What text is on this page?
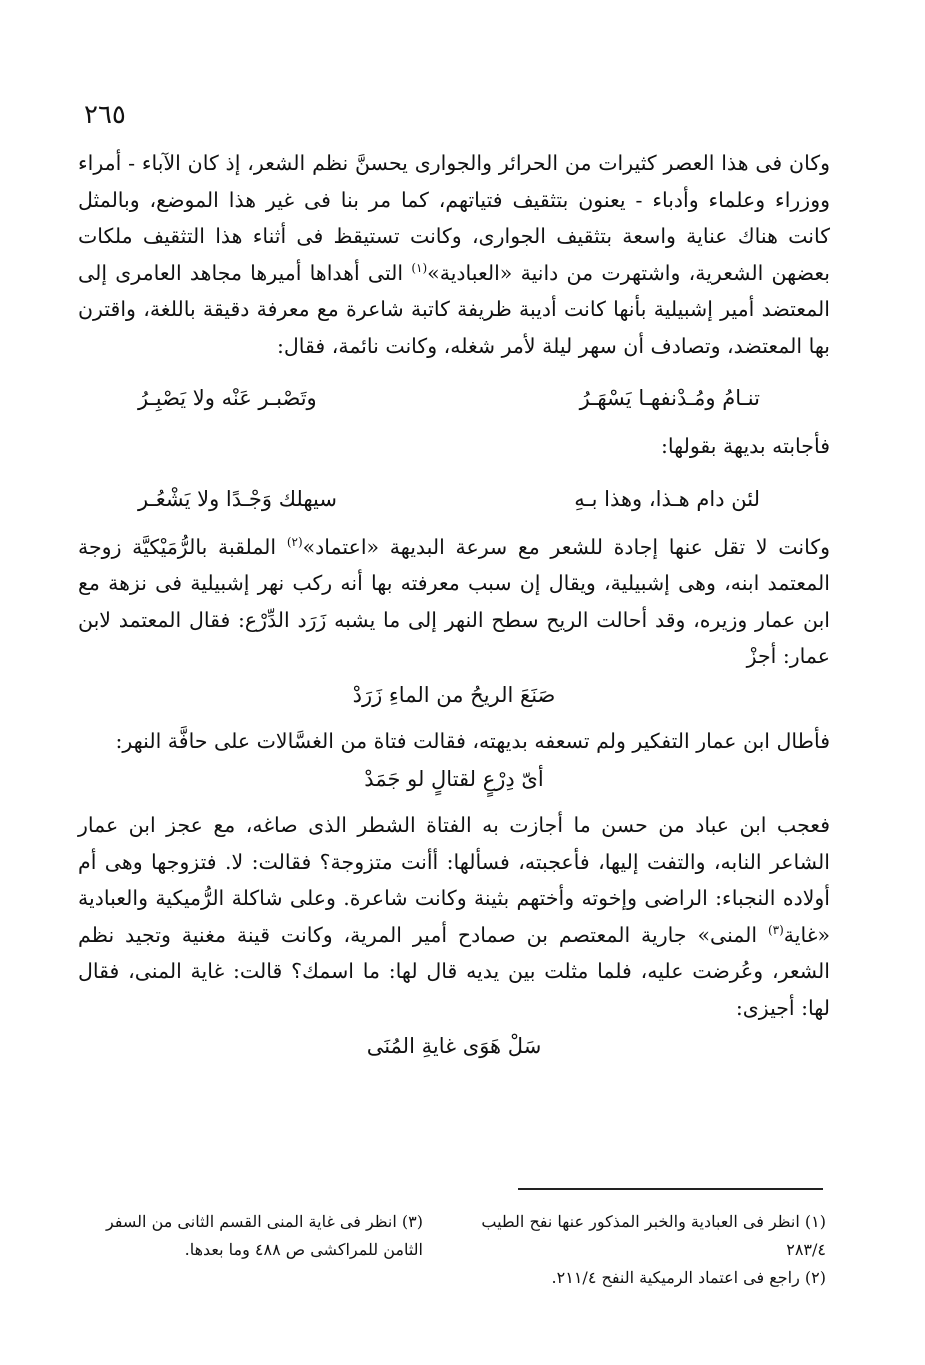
٢٦٥

وكان فى هذا العصر كثيرات من الحرائر والجوارى يحسنَّ نظم الشعر، إذ كان الآباء - أمراء ووزراء وعلماء وأدباء - يعنون بتثقيف فتياتهم، كما مر بنا فى غير هذا الموضع، وبالمثل كانت هناك عناية واسعة بتثقيف الجوارى، وكانت تستيقظ فى أثناء هذا التثقيف ملكات بعضهن الشعرية، واشتهرت من دانية «العبادية»$^{(١)}$ التى أهداها أميرها مجاهد العامرى إلى المعتضد أمير إشبيلية بأنها كانت أديبة ظريفة كاتبة شاعرة مع معرفة دقيقة باللغة، واقترن بها المعتضد، وتصادف أن سهر ليلة لأمر شغله، وكانت نائمة، فقال:

تنـامُ ومُـدْنفهـا يَسْهَـرُ
وتَصْبـر عَنْه ولا يَصْبِـرُ

فأجابته بديهة بقولها:

لئن دام هـذا، وهذا بـهِ
سيهلك وَجْـدًا ولا يَشْعُـر

وكانت لا تقل عنها إجادة للشعر مع سرعة البديهة «اعتماد»$^{(٢)}$ الملقبة بالرُّمَيْكيَّة زوجة المعتمد ابنه، وهى إشبيلية، ويقال إن سبب معرفته بها أنه ركب نهر إشبيلية فى نزهة مع ابن عمار وزيره، وقد أحالت الريح سطح النهر إلى ما يشبه زَرَد الدِّرْع: فقال المعتمد لابن عمار: أجزْ

صَنَعَ الريحُ من الماءِ زَرَدْ

فأطال ابن عمار التفكير ولم تسعفه بديهته، فقالت فتاة من الغسَّالات على حافَّة النهر:

أىّ دِرْعٍ لقتالٍ لو جَمَدْ

فعجب ابن عباد من حسن ما أجازت به الفتاة الشطر الذى صاغه، مع عجز ابن عمار الشاعر النابه، والتفت إليها، فأعجبته، فسألها: أأنت متزوجة؟ فقالت: لا. فتزوجها وهى أم أولاده النجباء: الراضى وإخوته وأختهم بثينة وكانت شاعرة. وعلى شاكلة الرُّميكية والعبادية «غاية$^{(٣)}$ المنى» جارية المعتصم بن صمادح أمير المرية، وكانت قينة مغنية وتجيد نظم الشعر، وعُرضت عليه، فلما مثلت بين يديه قال لها: ما اسمك؟ قالت: غاية المنى، فقال لها: أجيزى:

سَلْ هَوَى غايةِ المُنَى

(١) انظر فى العبادية والخبر المذكور عنها نفح الطيب ٢٨٣/٤

(٢) راجع فى اعتماد الرميكية النفح ٢١١/٤.

(٣) انظر فى غاية المنى القسم الثانى من السفر الثامن للمراكشى ص ٤٨٨ وما بعدها.
